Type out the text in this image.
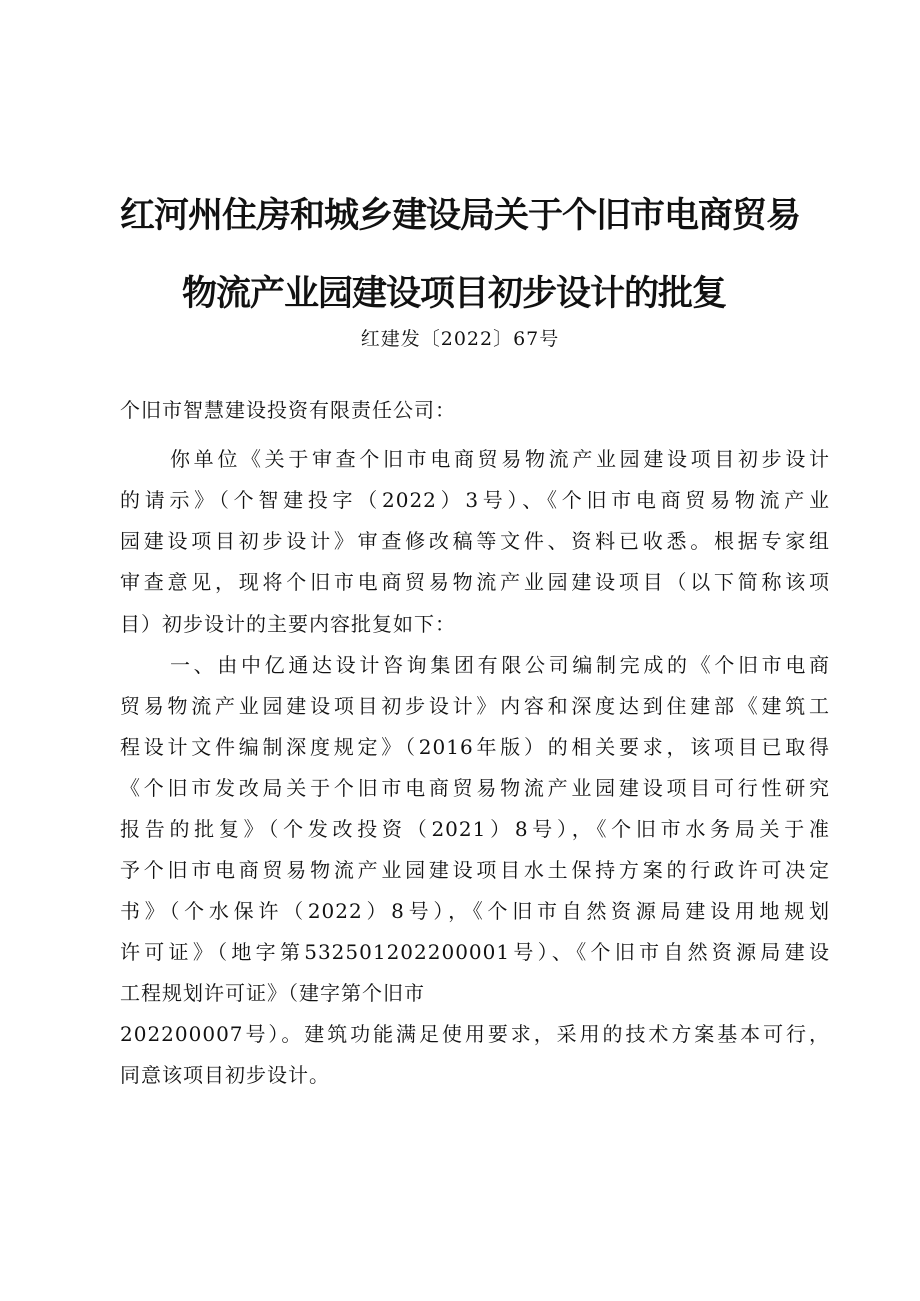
红河州住房和城乡建设局关于个旧市电商贸易
物流产业园建设项目初步设计的批复
红建发〔2022〕67号

个旧市智慧建设投资有限责任公司：

你单位《关于审查个旧市电商贸易物流产业园建设项目初步设计

的请示》（个智建投字（2022）3号）、《个旧市电商贸易物流产业

园建设项目初步设计》审查修改稿等文件、资料已收悉。根据专家组

审查意见，现将个旧市电商贸易物流产业园建设项目（以下简称该项

目）初步设计的主要内容批复如下：

一、由中亿通达设计咨询集团有限公司编制完成的《个旧市电商

贸易物流产业园建设项目初步设计》内容和深度达到住建部《建筑工

程设计文件编制深度规定》（2016年版）的相关要求，该项目已取得

《个旧市发改局关于个旧市电商贸易物流产业园建设项目可行性研究

报告的批复》（个发改投资（2021）8号），《个旧市水务局关于准

予个旧市电商贸易物流产业园建设项目水土保持方案的行政许可决定

书》（个水保许（2022）8号），《个旧市自然资源局建设用地规划

许可证》（地字第532501202200001号）、《个旧市自然资源局建设

工程规划许可证》（建字第个旧市

202200007号）。建筑功能满足使用要求，采用的技术方案基本可行，

同意该项目初步设计。
